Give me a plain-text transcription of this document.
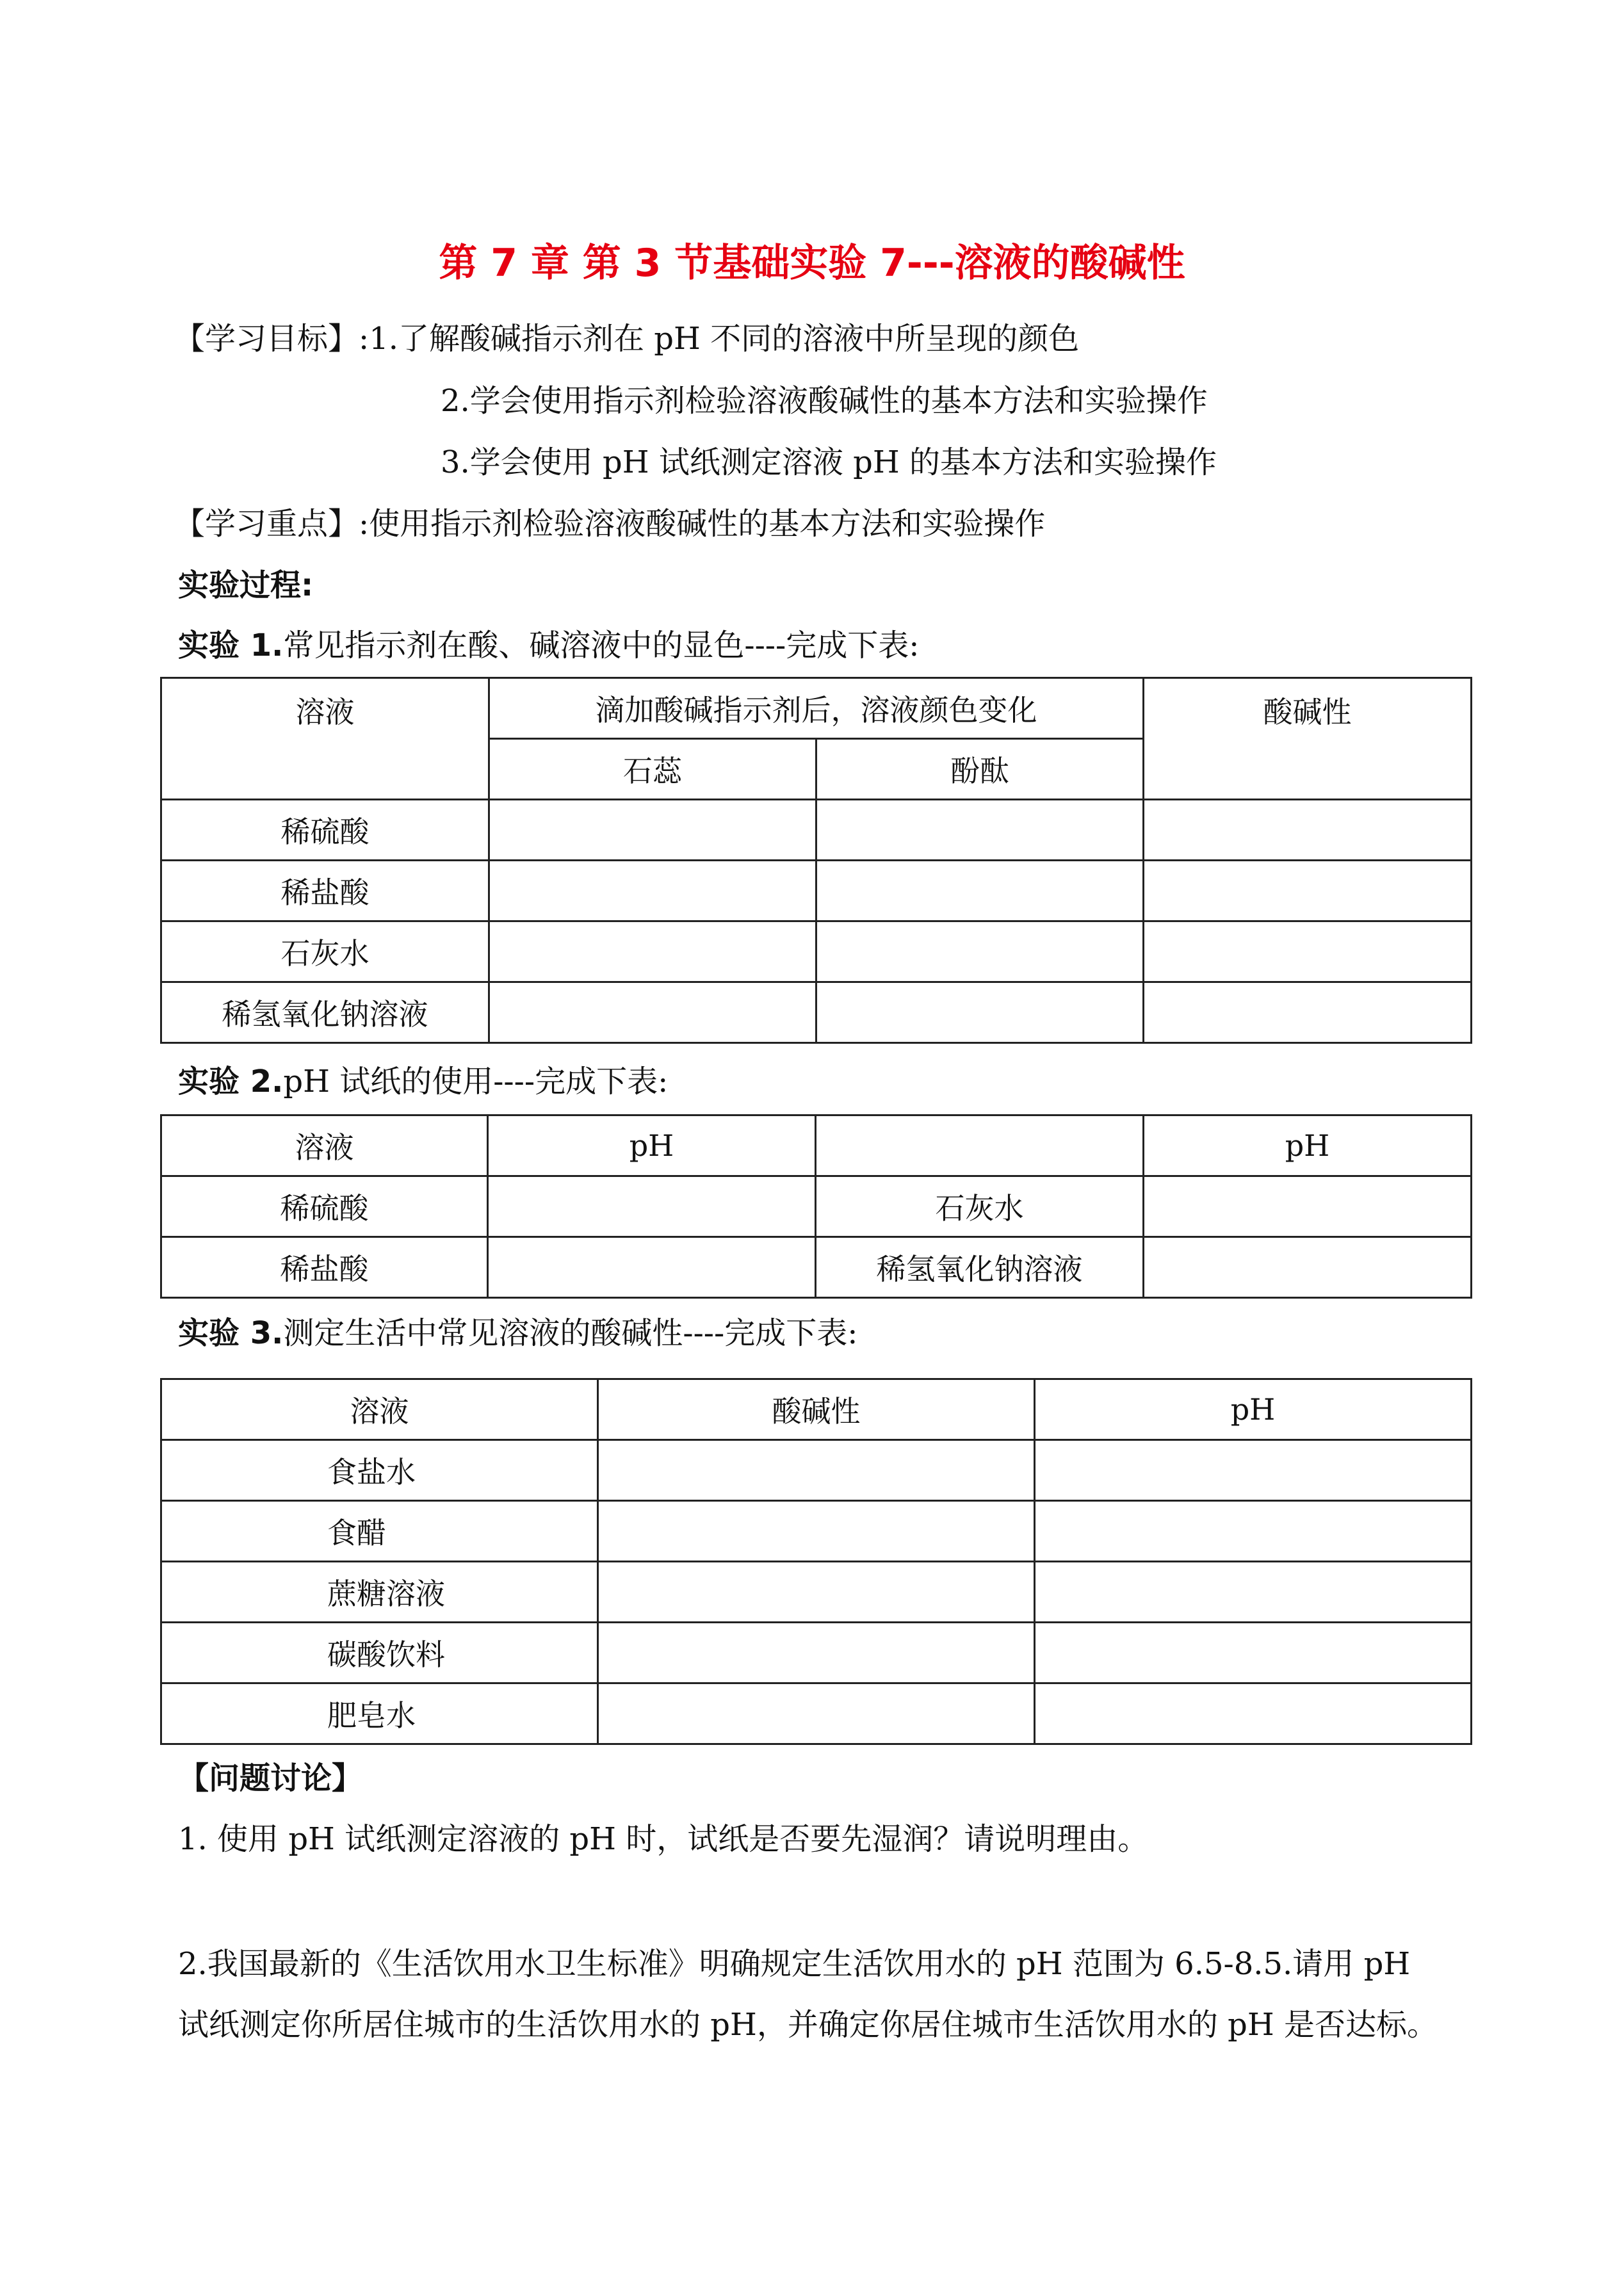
第 7 章 第 3 节基础实验 7---溶液的酸碱性
【学习目标】:1.了解酸碱指示剂在 pH 不同的溶液中所呈现的颜色
2.学会使用指示剂检验溶液酸碱性的基本方法和实验操作
3.学会使用 pH 试纸测定溶液 pH 的基本方法和实验操作
【学习重点】:使用指示剂检验溶液酸碱性的基本方法和实验操作
实验过程:
实验 1.常见指示剂在酸、碱溶液中的显色----完成下表:
溶液	滴加酸碱指示剂后，溶液颜色变化		酸碱性
	石蕊	酚酞	
稀硫酸			
稀盐酸			
石灰水			
稀氢氧化钠溶液			
实验 2.pH 试纸的使用----完成下表:
溶液	pH		pH
稀硫酸		石灰水	
稀盐酸		稀氢氧化钠溶液	
实验 3.测定生活中常见溶液的酸碱性----完成下表:
溶液	酸碱性	pH
食盐水		
食醋		
蔗糖溶液		
碳酸饮料		
肥皂水		
【问题讨论】
1. 使用 pH 试纸测定溶液的 pH 时，试纸是否要先湿润？请说明理由。
2.我国最新的《生活饮用水卫生标准》明确规定生活饮用水的 pH 范围为 6.5-8.5.请用 pH
试纸测定你所居住城市的生活饮用水的 pH，并确定你居住城市生活饮用水的 pH 是否达标。
